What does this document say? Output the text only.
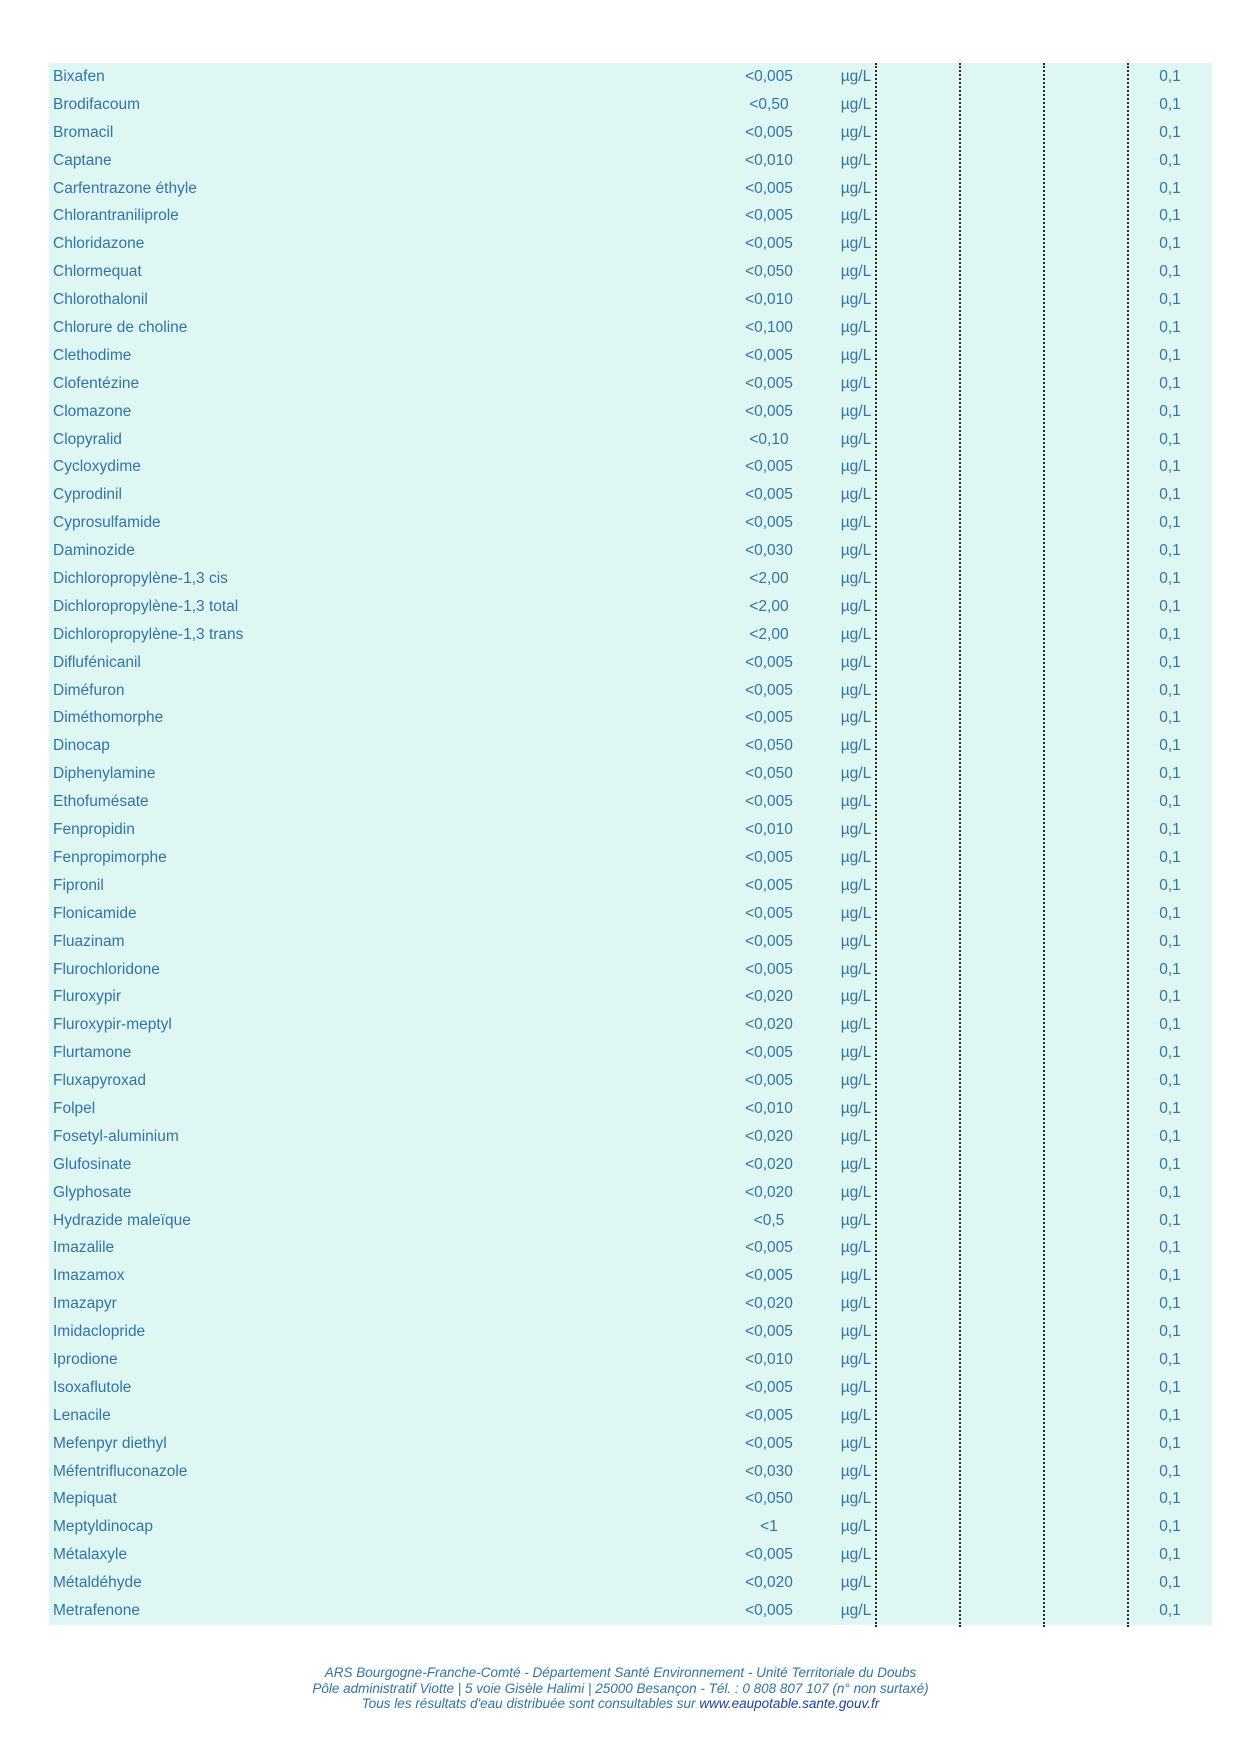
Bixafen	<0,005	µg/L	0,1
Brodifacoum	<0,50	µg/L	0,1
Bromacil	<0,005	µg/L	0,1
Captane	<0,010	µg/L	0,1
Carfentrazone éthyle	<0,005	µg/L	0,1
Chlorantraniliprole	<0,005	µg/L	0,1
Chloridazone	<0,005	µg/L	0,1
Chlormequat	<0,050	µg/L	0,1
Chlorothalonil	<0,010	µg/L	0,1
Chlorure de choline	<0,100	µg/L	0,1
Clethodime	<0,005	µg/L	0,1
Clofentézine	<0,005	µg/L	0,1
Clomazone	<0,005	µg/L	0,1
Clopyralid	<0,10	µg/L	0,1
Cycloxydime	<0,005	µg/L	0,1
Cyprodinil	<0,005	µg/L	0,1
Cyprosulfamide	<0,005	µg/L	0,1
Daminozide	<0,030	µg/L	0,1
Dichloropropylène-1,3 cis	<2,00	µg/L	0,1
Dichloropropylène-1,3 total	<2,00	µg/L	0,1
Dichloropropylène-1,3 trans	<2,00	µg/L	0,1
Diflufénicanil	<0,005	µg/L	0,1
Diméfuron	<0,005	µg/L	0,1
Diméthomorphe	<0,005	µg/L	0,1
Dinocap	<0,050	µg/L	0,1
Diphenylamine	<0,050	µg/L	0,1
Ethofumésate	<0,005	µg/L	0,1
Fenpropidin	<0,010	µg/L	0,1
Fenpropimorphe	<0,005	µg/L	0,1
Fipronil	<0,005	µg/L	0,1
Flonicamide	<0,005	µg/L	0,1
Fluazinam	<0,005	µg/L	0,1
Flurochloridone	<0,005	µg/L	0,1
Fluroxypir	<0,020	µg/L	0,1
Fluroxypir-meptyl	<0,020	µg/L	0,1
Flurtamone	<0,005	µg/L	0,1
Fluxapyroxad	<0,005	µg/L	0,1
Folpel	<0,010	µg/L	0,1
Fosetyl-aluminium	<0,020	µg/L	0,1
Glufosinate	<0,020	µg/L	0,1
Glyphosate	<0,020	µg/L	0,1
Hydrazide maleïque	<0,5	µg/L	0,1
Imazalile	<0,005	µg/L	0,1
Imazamox	<0,005	µg/L	0,1
Imazapyr	<0,020	µg/L	0,1
Imidaclopride	<0,005	µg/L	0,1
Iprodione	<0,010	µg/L	0,1
Isoxaflutole	<0,005	µg/L	0,1
Lenacile	<0,005	µg/L	0,1
Mefenpyr diethyl	<0,005	µg/L	0,1
Méfentrifluconazole	<0,030	µg/L	0,1
Mepiquat	<0,050	µg/L	0,1
Meptyldinocap	<1	µg/L	0,1
Métalaxyle	<0,005	µg/L	0,1
Métaldéhyde	<0,020	µg/L	0,1
Metrafenone	<0,005	µg/L	0,1
ARS Bourgogne-Franche-Comté - Département Santé Environnement - Unité Territoriale du Doubs
Pôle administratif Viotte | 5 voie Gisèle Halimi | 25000 Besançon - Tél. : 0 808 807 107 (n° non surtaxé)
Tous les résultats d'eau distribuée sont consultables sur www.eaupotable.sante.gouv.fr
